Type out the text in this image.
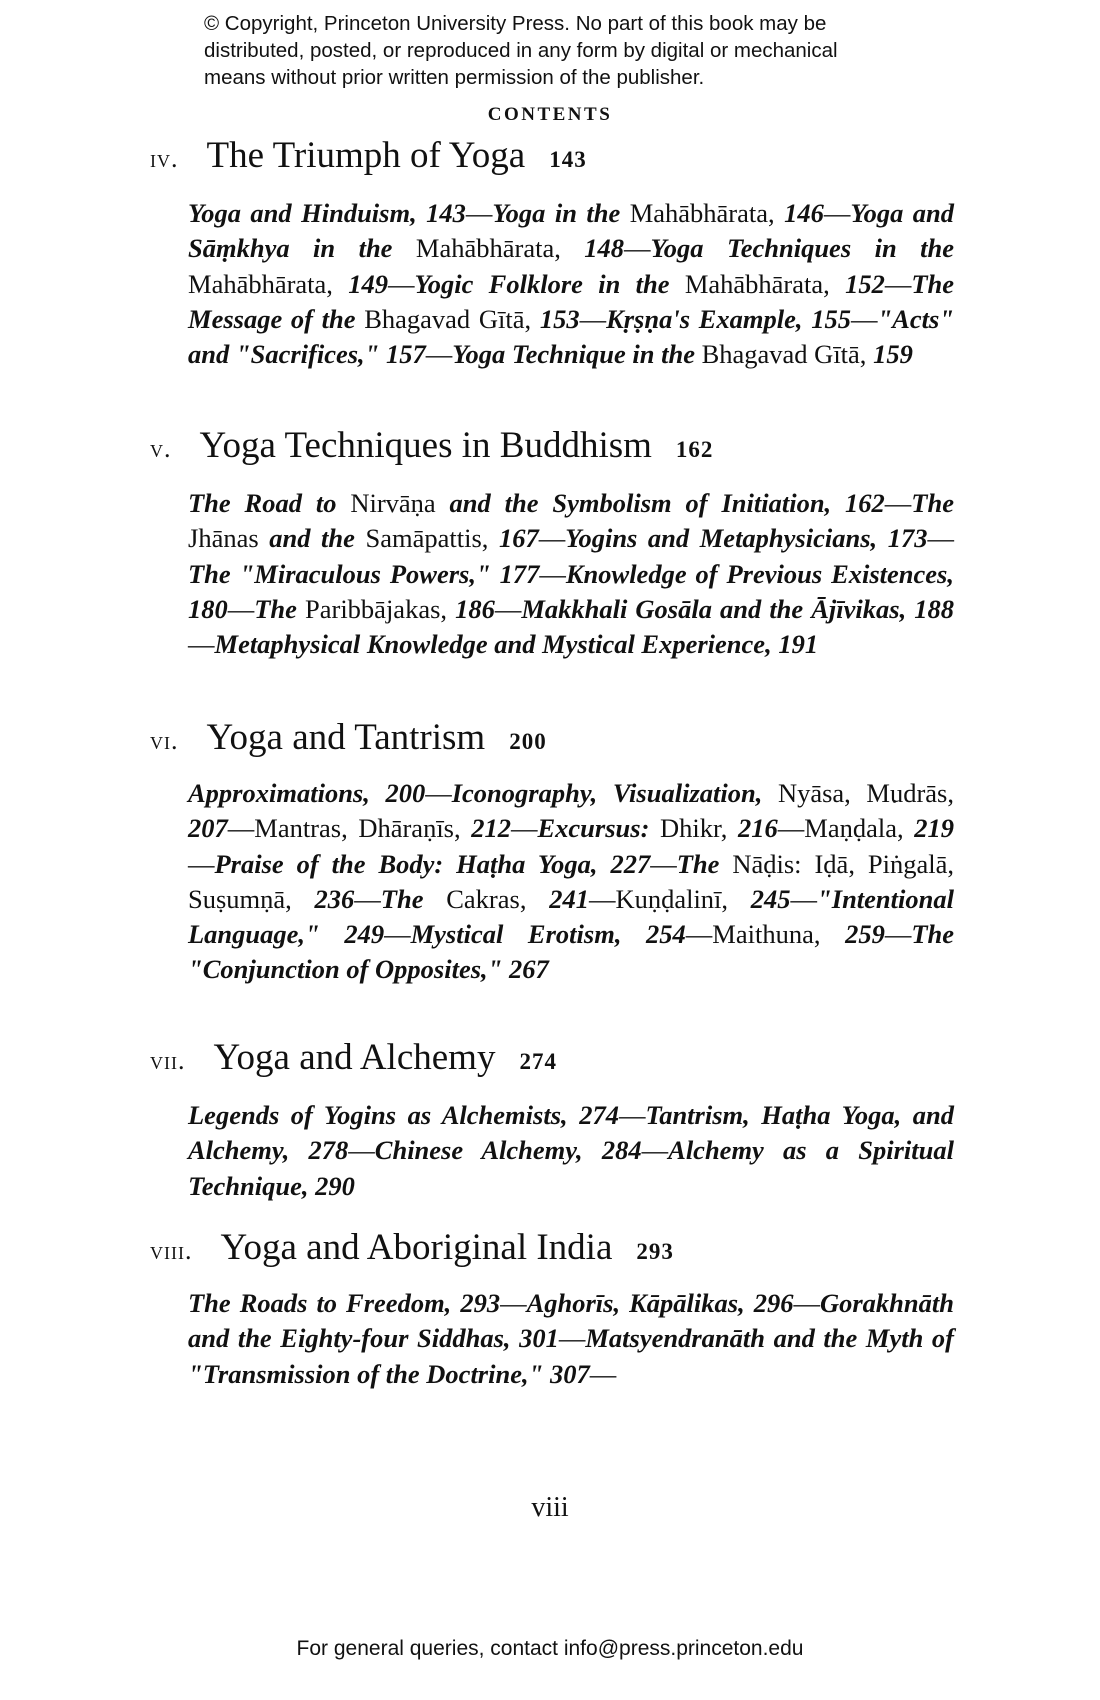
© Copyright, Princeton University Press. No part of this book may be
distributed, posted, or reproduced in any form by digital or mechanical
means without prior written permission of the publisher.
CONTENTS
iv. The Triumph of Yoga 143
Yoga and Hinduism, 143—Yoga in the Mahābhārata, 146—Yoga and Sāṃkhya in the Mahābhārata, 148—Yoga Techniques in the Mahābhārata, 149—Yogic Folklore in the Mahābhārata, 152—The Message of the Bhagavad Gītā, 153—Kṛṣṇa's Example, 155—"Acts" and "Sacrifices," 157—Yoga Technique in the Bhagavad Gītā, 159
v. Yoga Techniques in Buddhism 162
The Road to Nirvāṇa and the Symbolism of Initiation, 162—The Jhānas and the Samāpattis, 167—Yogins and Metaphysicians, 173—The "Miraculous Powers," 177—Knowledge of Previous Existences, 180—The Paribbājakas, 186—Makkhali Gosāla and the Ājīvikas, 188—Metaphysical Knowledge and Mystical Experience, 191
vi. Yoga and Tantrism 200
Approximations, 200—Iconography, Visualization, Nyāsa, Mudrās, 207—Mantras, Dhāraṇīs, 212—Excursus: Dhikr, 216—Maṇḍala, 219—Praise of the Body: Haṭha Yoga, 227—The Nāḍis: Iḍā, Piṅgalā, Suṣumṇā, 236—The Cakras, 241—Kuṇḍalinī, 245—"Intentional Language," 249—Mystical Erotism, 254—Maithuna, 259—The "Conjunction of Opposites," 267
vii. Yoga and Alchemy 274
Legends of Yogins as Alchemists, 274—Tantrism, Haṭha Yoga, and Alchemy, 278—Chinese Alchemy, 284—Alchemy as a Spiritual Technique, 290
viii. Yoga and Aboriginal India 293
The Roads to Freedom, 293—Aghorīs, Kāpālikas, 296—Gorakhnāth and the Eighty-four Siddhas, 301—Matsyendranāth and the Myth of "Transmission of the Doctrine," 307—
viii
For general queries, contact info@press.princeton.edu
